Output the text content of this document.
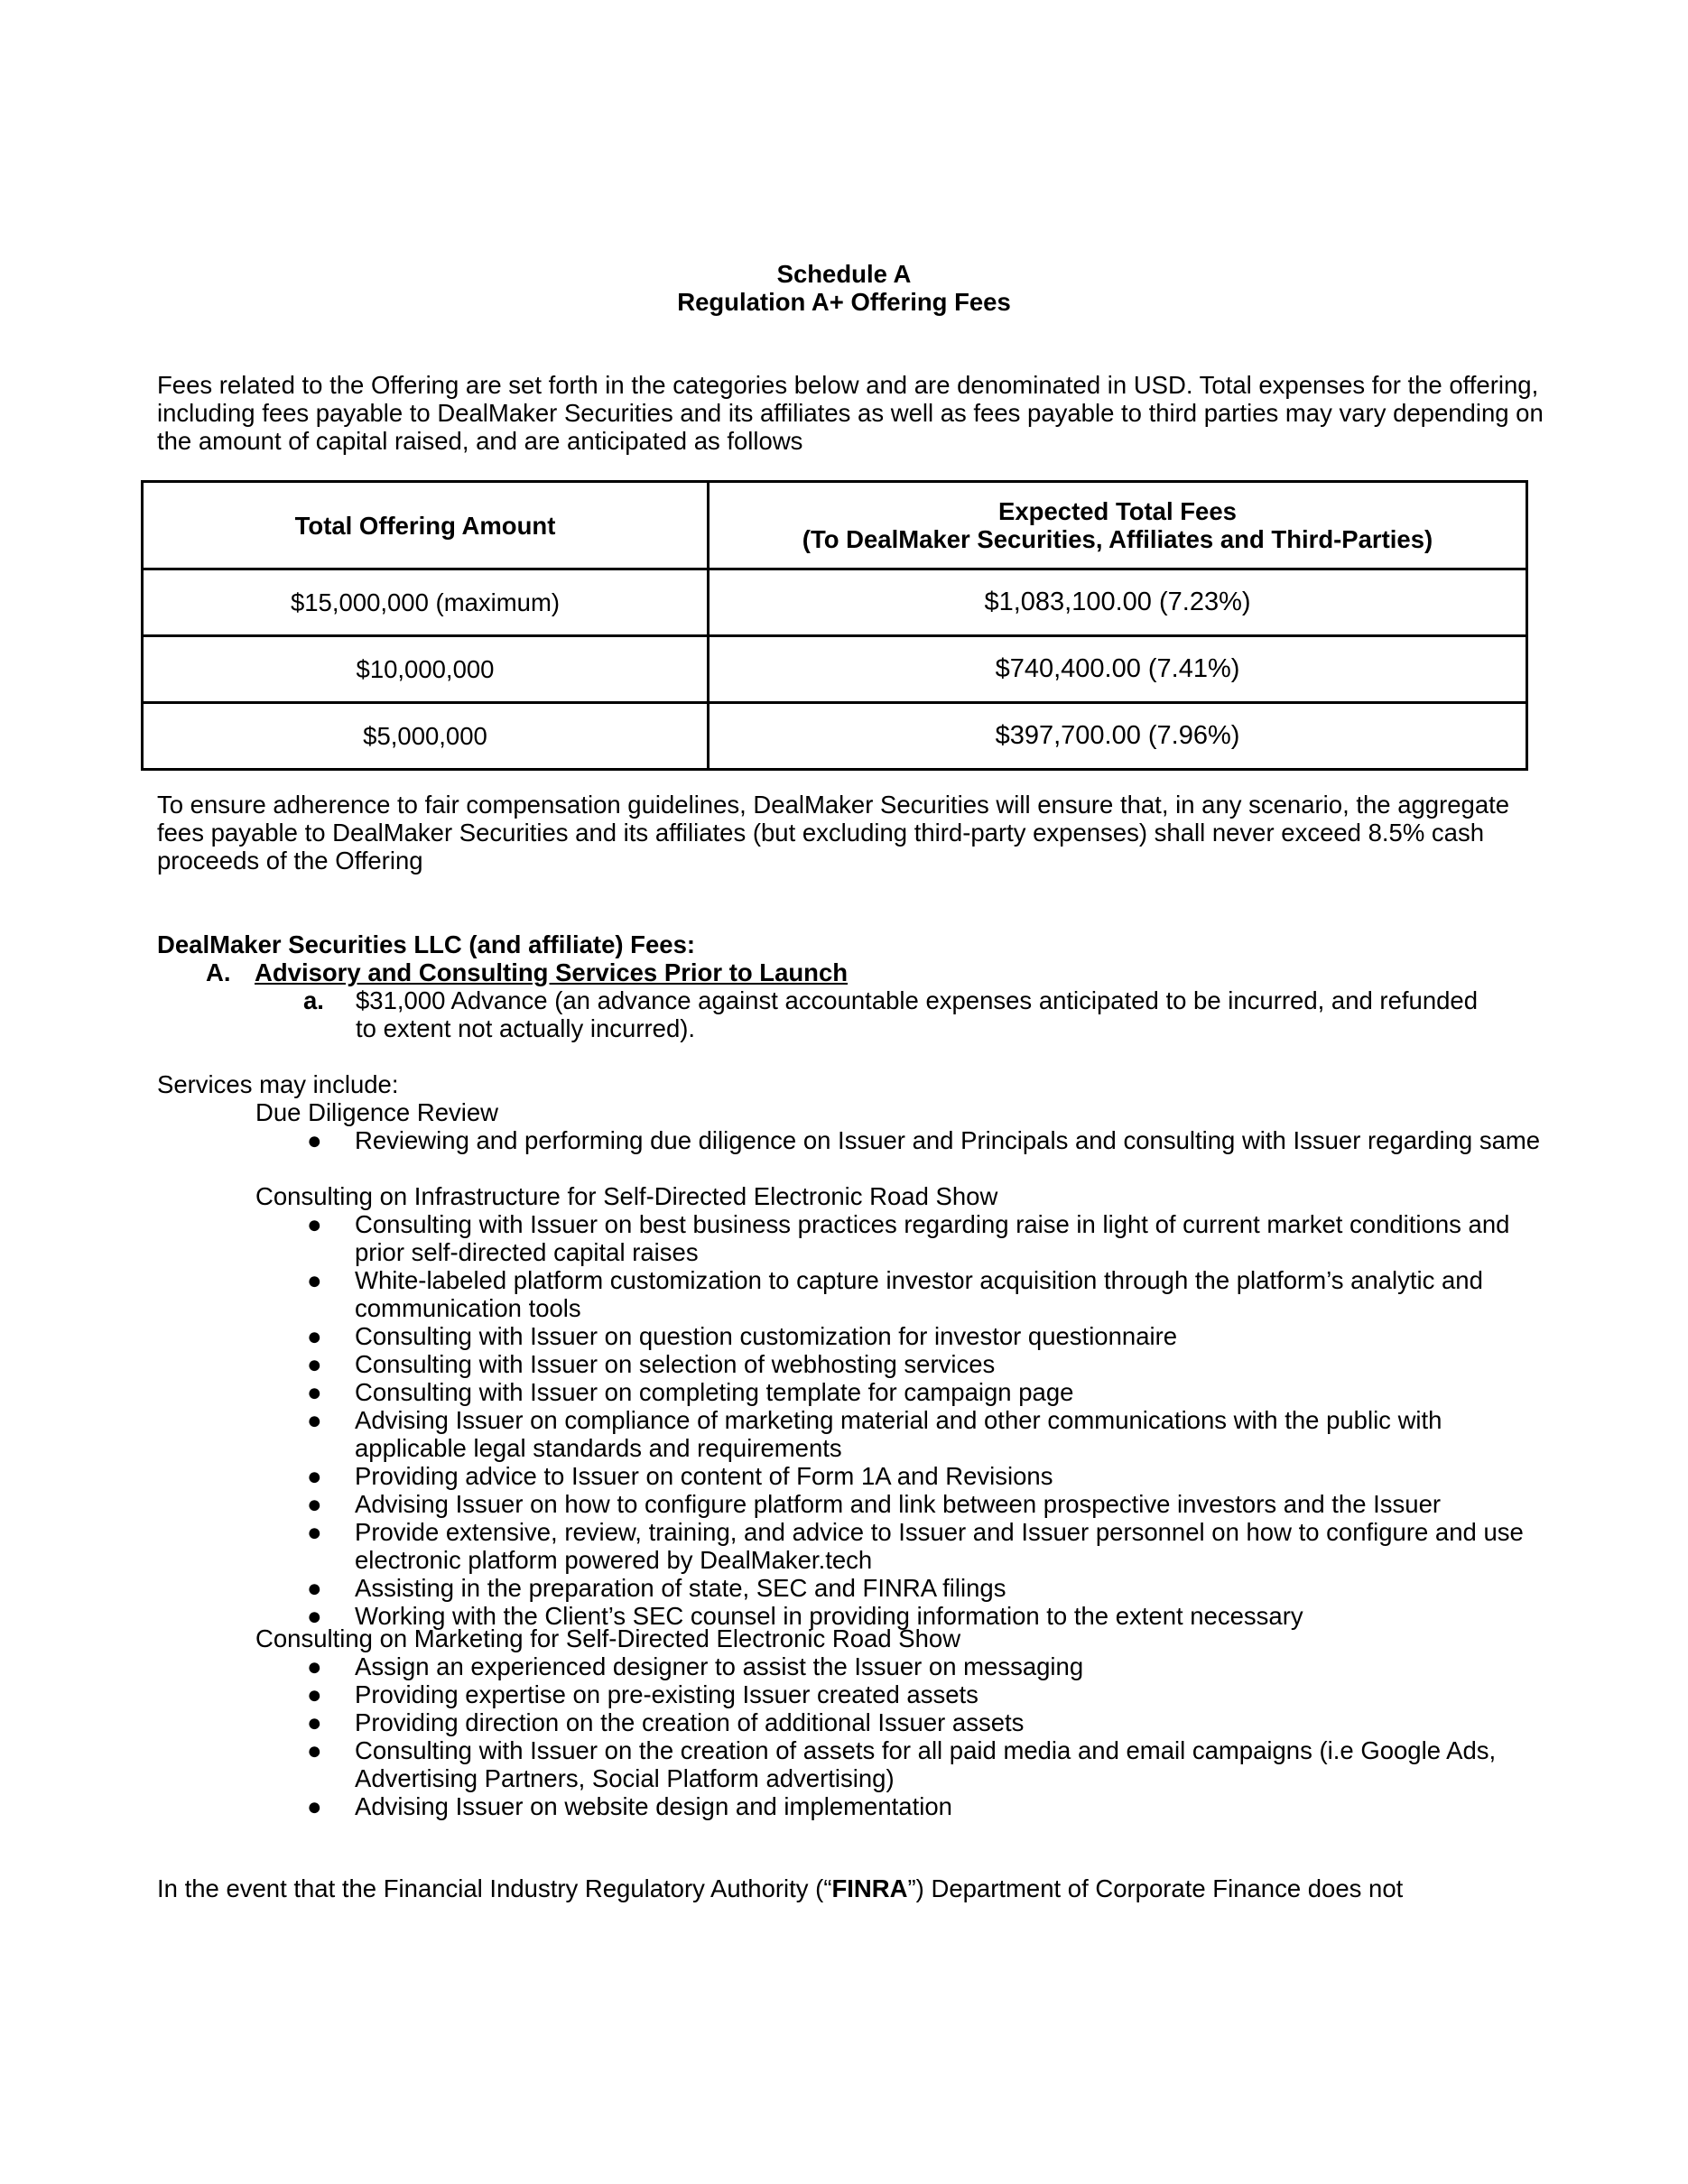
Schedule A
Regulation A+ Offering Fees
Fees related to the Offering are set forth in the categories below and are denominated in USD. Total expenses for the offering, including fees payable to DealMaker Securities and its affiliates as well as fees payable to third parties may vary depending on the amount of capital raised, and are anticipated as follows
Total Offering Amount	Expected Total Fees
(To DealMaker Securities, Affiliates and Third-Parties)

$15,000,000 (maximum)	$1,083,100.00 (7.23%)
$10,000,000	$740,400.00 (7.41%)
$5,000,000	$397,700.00 (7.96%)
To ensure adherence to fair compensation guidelines, DealMaker Securities will ensure that, in any scenario, the aggregate fees payable to DealMaker Securities and its affiliates (but excluding third-party expenses) shall never exceed 8.5% cash proceeds of the Offering
DealMaker Securities LLC (and affiliate) Fees:
A. Advisory and Consulting Services Prior to Launch
a. $31,000 Advance (an advance against accountable expenses anticipated to be incurred, and refunded to extent not actually incurred).
Services may include:
Due Diligence Review
●	Reviewing and performing due diligence on Issuer and Principals and consulting with Issuer regarding same
Consulting on Infrastructure for Self-Directed Electronic Road Show
●	Consulting with Issuer on best business practices regarding raise in light of current market conditions and prior self-directed capital raises
●	White-labeled platform customization to capture investor acquisition through the platform’s analytic and communication tools
●	Consulting with Issuer on question customization for investor questionnaire
●	Consulting with Issuer on selection of webhosting services
●	Consulting with Issuer on completing template for campaign page
●	Advising Issuer on compliance of marketing material and other communications with the public with applicable legal standards and requirements
●	Providing advice to Issuer on content of Form 1A and Revisions
●	Advising Issuer on how to configure platform and link between prospective investors and the Issuer
●	Provide extensive, review, training, and advice to Issuer and Issuer personnel on how to configure and use electronic platform powered by DealMaker.tech
●	Assisting in the preparation of state, SEC and FINRA filings
●	Working with the Client’s SEC counsel in providing information to the extent necessary
Consulting on Marketing for Self-Directed Electronic Road Show
●	Assign an experienced designer to assist the Issuer on messaging
●	Providing expertise on pre-existing Issuer created assets
●	Providing direction on the creation of additional Issuer assets
●	Consulting with Issuer on the creation of assets for all paid media and email campaigns (i.e Google Ads, Advertising Partners, Social Platform advertising)
●	Advising Issuer on website design and implementation
In the event that the Financial Industry Regulatory Authority (“FINRA”) Department of Corporate Finance does not
